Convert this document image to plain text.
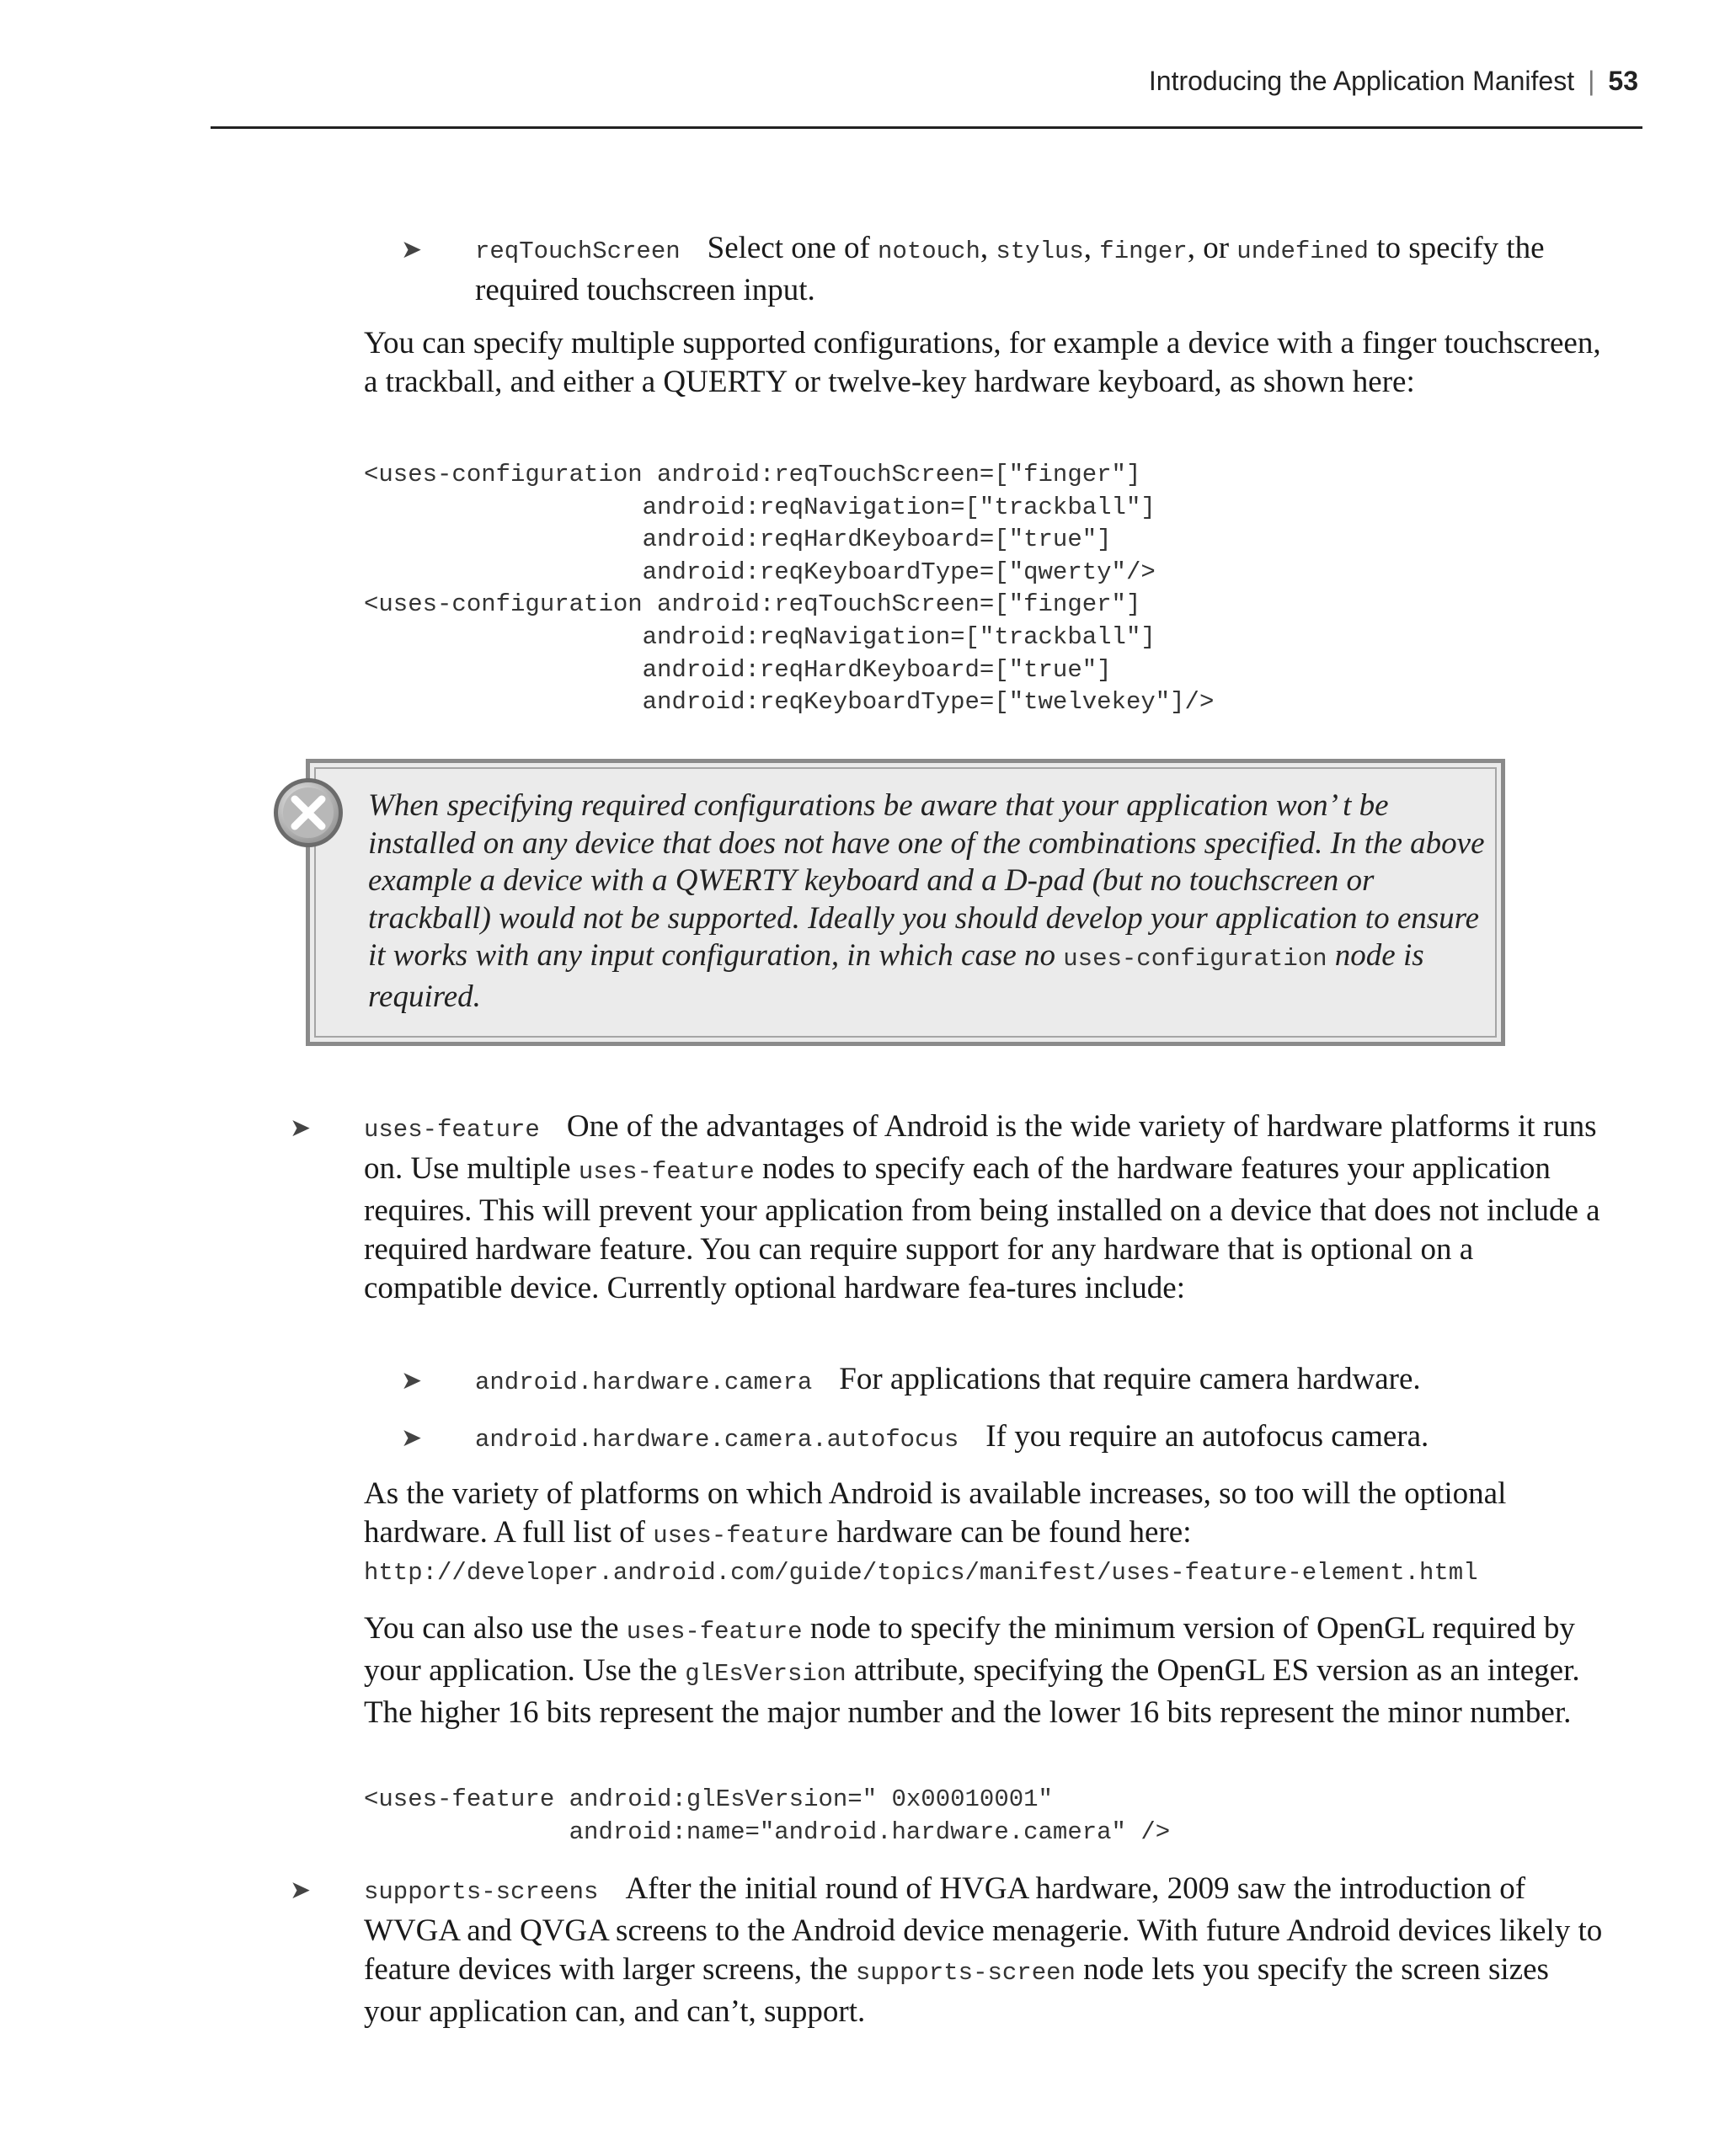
Introducing the Application Manifest | 53

➤ reqTouchScreen Select one of notouch, stylus, finger, or undefined to specify the required touchscreen input.

You can specify multiple supported configurations, for example a device with a finger touchscreen, a trackball, and either a QUERTY or twelve-key hardware keyboard, as shown here:

<uses-configuration android:reqTouchScreen=["finger"]
android:reqNavigation=["trackball"]
android:reqHardKeyboard=["true"]
android:reqKeyboardType=["qwerty"/>
<uses-configuration android:reqTouchScreen=["finger"]
android:reqNavigation=["trackball"]
android:reqHardKeyboard=["true"]
android:reqKeyboardType=["twelvekey"]/>

When specifying required configurations be aware that your application won’ t be installed on any device that does not have one of the combinations specified. In the above example a device with a QWERTY keyboard and a D-pad (but no touchscreen or trackball) would not be supported. Ideally you should develop your application to ensure it works with any input configuration, in which case no uses-configuration node is required.

➤ uses-feature One of the advantages of Android is the wide variety of hardware platforms it runs on. Use multiple uses-feature nodes to specify each of the hardware features your application requires. This will prevent your application from being installed on a device that does not include a required hardware feature. You can require support for any hardware that is optional on a compatible device. Currently optional hardware fea-tures include:

➤ android.hardware.camera For applications that require camera hardware.

➤ android.hardware.camera.autofocus If you require an autofocus camera.

As the variety of platforms on which Android is available increases, so too will the optional hardware. A full list of uses-feature hardware can be found here:

http://developer.android.com/guide/topics/manifest/uses-feature-element.html

You can also use the uses-feature node to specify the minimum version of OpenGL required by your application. Use the glEsVersion attribute, specifying the OpenGL ES version as an integer. The higher 16 bits represent the major number and the lower 16 bits represent the minor number.

<uses-feature android:glEsVersion=" 0x00010001"
android:name="android.hardware.camera" />
➤ supports-screens After the initial round of HVGA hardware, 2009 saw the introduction of WVGA and QVGA screens to the Android device menagerie. With future Android devices likely to feature devices with larger screens, the supports-screen node lets you specify the screen sizes your application can, and can’t, support.
